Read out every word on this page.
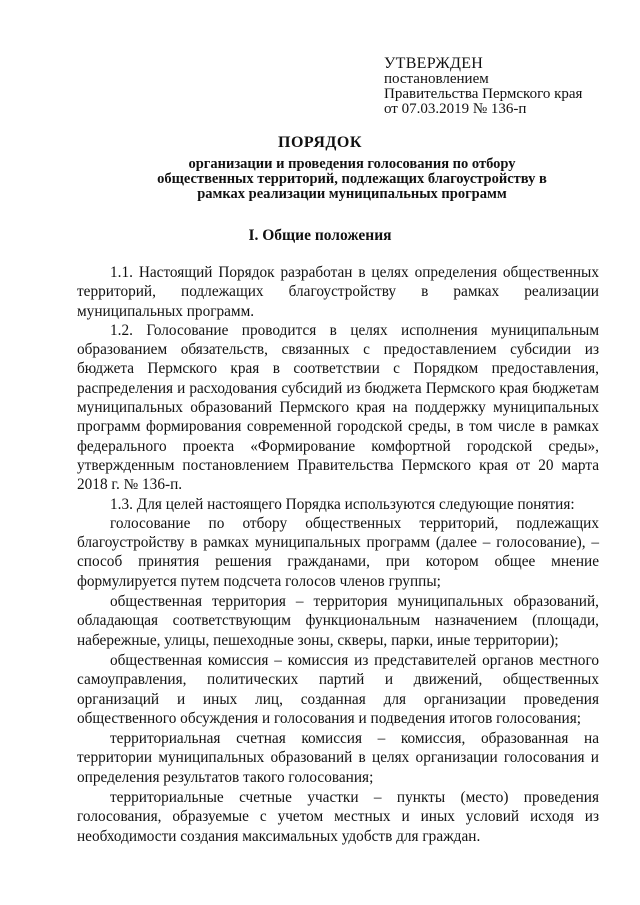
УТВЕРЖДЕН
постановлением
Правительства Пермского края
от 07.03.2019 № 136-п
ПОРЯДОК
организации и проведения голосования по отбору общественных территорий, подлежащих благоустройству в рамках реализации муниципальных программ
I. Общие положения

1.1. Настоящий Порядок разработан в целях определения общественных территорий, подлежащих благоустройству в рамках реализации муниципальных программ.

1.2. Голосование проводится в целях исполнения муниципальным образованием обязательств, связанных с предоставлением субсидии из бюджета Пермского края в соответствии с Порядком предоставления, распределения и расходования субсидий из бюджета Пермского края бюджетам муниципальных образований Пермского края на поддержку муниципальных программ формирования современной городской среды, в том числе в рамках федерального проекта «Формирование комфортной городской среды», утвержденным постановлением Правительства Пермского края от 20 марта 2018 г. № 136-п.

1.3. Для целей настоящего Порядка используются следующие понятия:

голосование по отбору общественных территорий, подлежащих благоустройству в рамках муниципальных программ (далее – голосование), – способ принятия решения гражданами, при котором общее мнение формулируется путем подсчета голосов членов группы;

общественная территория – территория муниципальных образований, обладающая соответствующим функциональным назначением (площади, набережные, улицы, пешеходные зоны, скверы, парки, иные территории);

общественная комиссия – комиссия из представителей органов местного самоуправления, политических партий и движений, общественных организаций и иных лиц, созданная для организации проведения общественного обсуждения и голосования и подведения итогов голосования;

территориальная счетная комиссия – комиссия, образованная на территории муниципальных образований в целях организации голосования и определения результатов такого голосования;

территориальные счетные участки – пункты (место) проведения голосования, образуемые с учетом местных и иных условий исходя из необходимости создания максимальных удобств для граждан.
